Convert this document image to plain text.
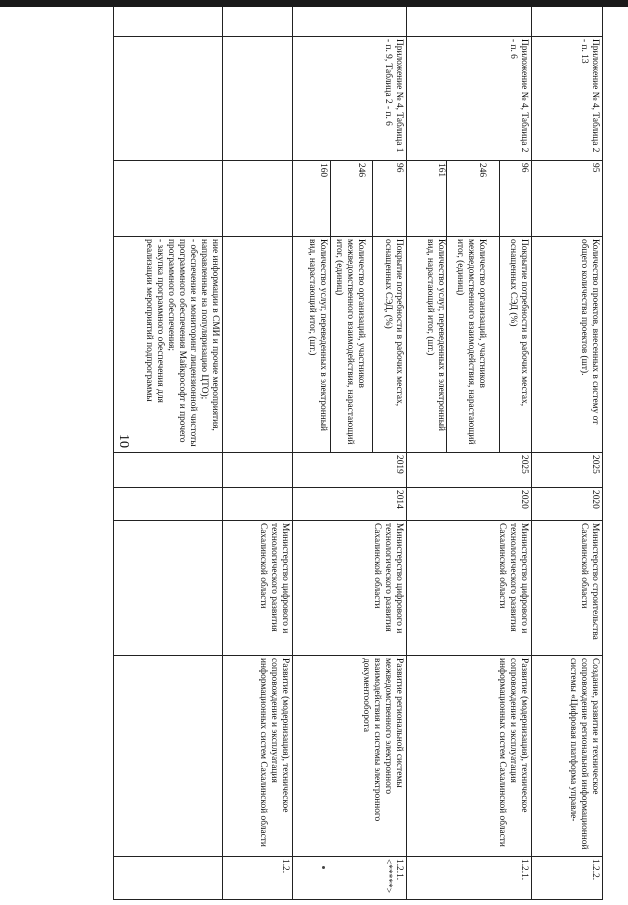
10
ние информации в СМИ и прочие мероприятия, направленные на популяризацию ЦТО);
- обеспечение и мониторинг лицензионной чистоты программного обеспечения Майкрософт и прочего программного обеспечения;
- закупка программного обеспечения для реализации мероприятий подпрограммы
1.2.
Развитие (модернизация), техническое сопровождение и эксплуатация информационных систем Сахалинской области
Министерство цифрового и технологического развития Сахалинской области
1.2.1. <*****>
Развитие региональной системы межведомственного электронного взаимодействия и системы электронного документооборота
Министерство цифрового и технологического развития Сахалинской области
2014
2019
Приложение № 4, Таблица 1 - п. 9, Таблица 2 - п. 6
Количество услуг, переведенных в электронный вид, нарастающий итог, (шт.)
160
Количество организаций, участников межведомственного взаимодействия, нарастающий итог, (единиц)
246
Покрытие потребности в рабочих местах, оснащенных СЭД, (%)
96
1.2.1.
Развитие (модернизация), техническое сопровождение и эксплуатация информационных систем Сахалинской области
Министерство цифрового и технологического развития Сахалинской области
2020
2025
Приложение № 4, Таблица 2 - п. 6
Количество услуг, переведенных в электронный вид, нарастающий итог, (шт.)
161
Количество организаций, участников межведомственного взаимодействия, нарастающий итог, (единиц)
246
Покрытие потребности в рабочих местах, оснащенных СЭД (%)
96
1.2.2.
Создание, развитие и техническое сопровождение региональной информационной системы «Цифровая платформа управле-
Министерство строительства Сахалинской области
2020
2025
Приложение № 4, Таблица 2 - п. 13
Количество проектов, внесенных в систему от общего количества проектов (шт).
95
